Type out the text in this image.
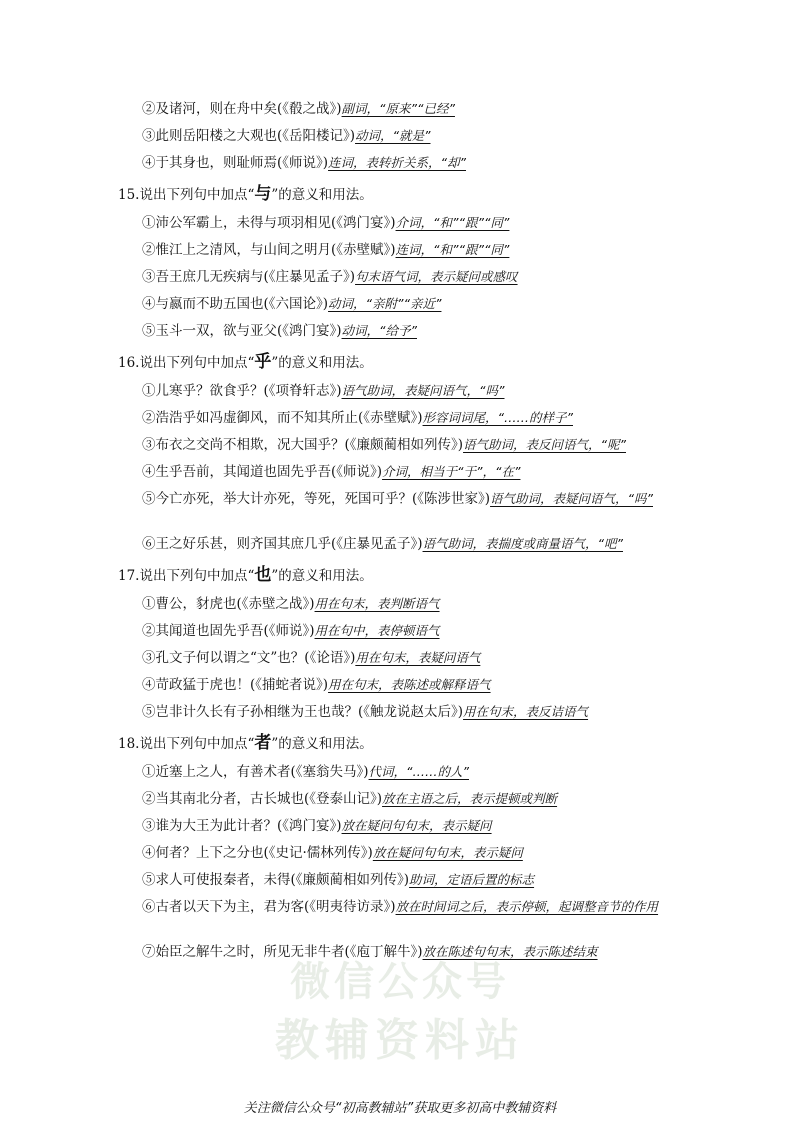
②及诸河，则在舟中矣(《殽之战》)副词，“原来”“已经”
③此则岳阳楼之大观也(《岳阳楼记》)动词，“就是”
④于其身也，则耻师焉(《师说》)连词，表转折关系，“却”
15.说出下列句中加点“与”的意义和用法。
①沛公军霸上，未得与项羽相见(《鸿门宴》)介词，“和”“跟”“同”
②惟江上之清风，与山间之明月(《赤壁赋》)连词，“和”“跟”“同”
③吾王庶几无疾病与(《庄暴见孟子》)句末语气词，表示疑问或感叹
④与嬴而不助五国也(《六国论》)动词，“亲附”“亲近”
⑤玉斗一双，欲与亚父(《鸿门宴》)动词，“给予”
16.说出下列句中加点“乎”的意义和用法。
①儿寒乎？欲食乎？(《项脊轩志》)语气助词，表疑问语气，“吗”
②浩浩乎如冯虚御风，而不知其所止(《赤壁赋》)形容词词尾，“……的样子”
③布衣之交尚不相欺，况大国乎？(《廉颇蔺相如列传》)语气助词，表反问语气，“呢”
④生乎吾前，其闻道也固先乎吾(《师说》)介词，相当于“于”，“在”
⑤今亡亦死，举大计亦死，等死，死国可乎？(《陈涉世家》)语气助词，表疑问语气，“吗”
⑥王之好乐甚，则齐国其庶几乎(《庄暴见孟子》)语气助词，表揣度或商量语气，“吧”
17.说出下列句中加点“也”的意义和用法。
①曹公，豺虎也(《赤壁之战》)用在句末，表判断语气
②其闻道也固先乎吾(《师说》)用在句中，表停顿语气
③孔文子何以谓之“文”也？(《论语》)用在句末，表疑问语气
④苛政猛于虎也！(《捕蛇者说》)用在句末，表陈述或解释语气
⑤岂非计久长有子孙相继为王也哉？(《触龙说赵太后》)用在句末，表反诘语气
18.说出下列句中加点“者”的意义和用法。
①近塞上之人，有善术者(《塞翁失马》)代词，“……的人”
②当其南北分者，古长城也(《登泰山记》)放在主语之后，表示提顿或判断
③谁为大王为此计者？(《鸿门宴》)放在疑问句句末，表示疑问
④何者？上下之分也(《史记·儒林列传》)放在疑问句句末，表示疑问
⑤求人可使报秦者，未得(《廉颇蔺相如列传》)助词，定语后置的标志
⑥古者以天下为主，君为客(《明夷待访录》)放在时间词之后，表示停顿，起调整音节的作用
⑦始臣之解牛之时，所见无非牛者(《庖丁解牛》)放在陈述句句末，表示陈述结束
微信公众号
教辅资料站
关注微信公众号“初高教辅站”获取更多初高中教辅资料
